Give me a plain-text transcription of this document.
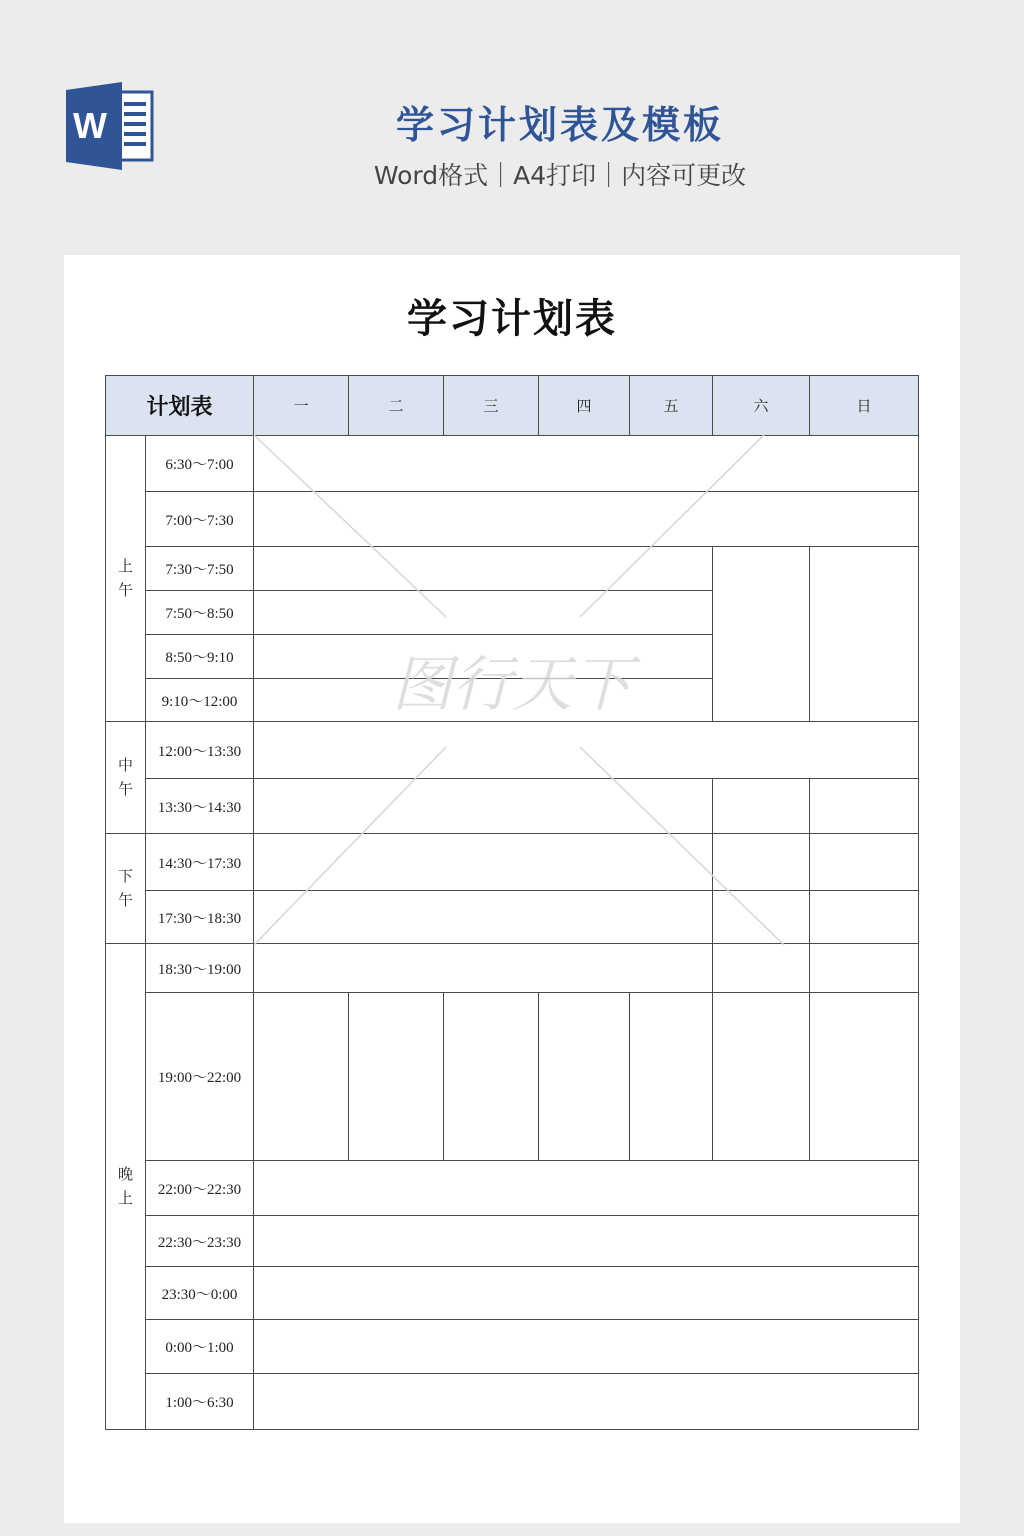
W	学习计划表及模板
Word格式｜A4打印｜内容可更改
学习计划表
计划表		一	二	三	四	五	六	日

上
午	6:30～7:00							
	7:00～7:30							
	7:30～7:50							
	7:50～8:50							
	8:50～9:10							
	9:10～12:00							

中
午	12:00～13:30							
	13:30～14:30							

下
午	14:30～17:30							
	17:30～18:30							

晚
上	18:30～19:00							
	19:00～22:00							
	22:00～22:30							
	22:30～23:30							
	23:30～0:00							
	0:00～1:00							
	1:00～6:30							
图行天下
